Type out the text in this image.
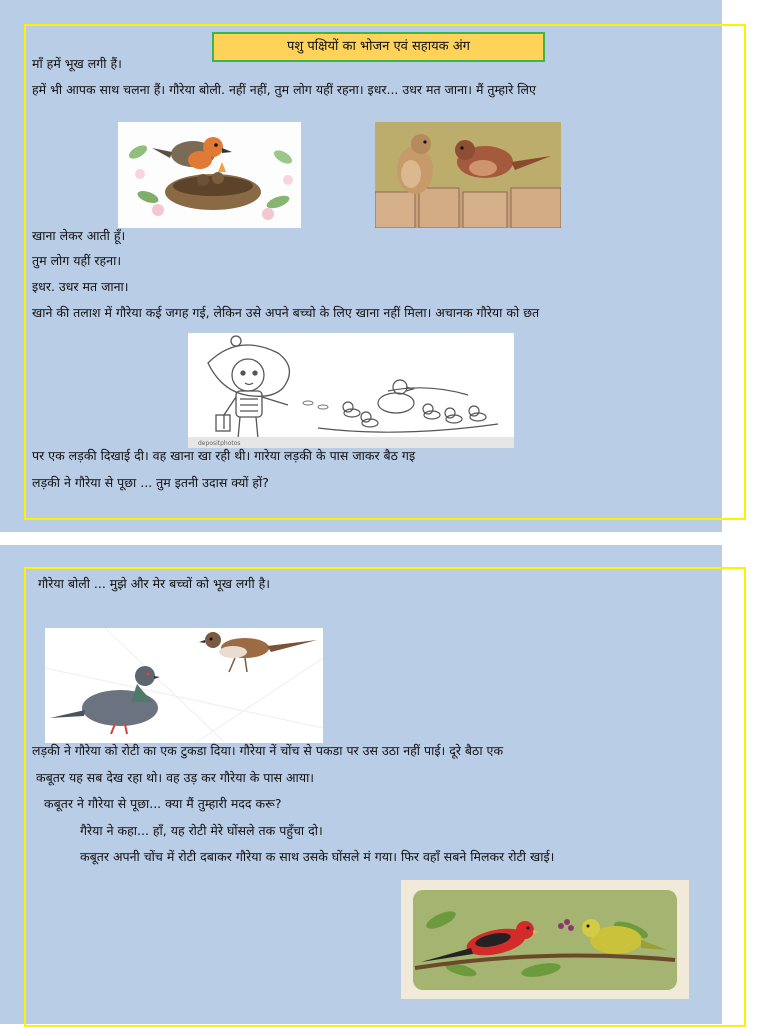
पशु पक्षियों का भोजन एवं सहायक अंग
माँ हमें भूख लगी हैं।
हमें भी आपक साथ चलना हैं। गौरेया बोली. नहीं नहीं, तुम लोग यहीं रहना। इधर... उधर मत जाना। मैं तुम्हारे लिए
खाना लेकर आती हूँ।
तुम लोग यहीं रहना।
इधर. उधर मत जाना।
खाने की तलाश में गौरेया कई जगह गई, लेकिन उसे अपने बच्चो के लिए खाना नहीं मिला। अचानक गौरेया को छत
depositphotos
पर एक लड़की दिखाई दी। वह खाना खा रही थी। गारेया लड़की के पास जाकर बैठ गइ
लड़की ने गौरेया से पूछा ... तुम इतनी उदास क्यों हों?
गौरेया बोली ... मुझे और मेर बच्चों को भूख लगी है।
लड़की ने गौरेया को रोटी का एक टुकडा दिया। गौरेया नें चोंच से पकडा पर उस उठा नहीं पाई। दूरे बैठा एक
कबूतर यह सब देख रहा थाे। वह उड़ कर गौरेया के पास आया।
कबूतर ने गौरेया से पूछा... क्या मैं तुम्हारी मदद करू?
गैरेया ने कहा... हाँ, यह रोटी मेरे घोंसले तक पहुँचा दो।
कबूतर अपनी चोंच में रोटी दबाकर गौरेया क साथ उसके घोंसले मं गया। फिर वहाँ सबने मिलकर रोटी खाई।
